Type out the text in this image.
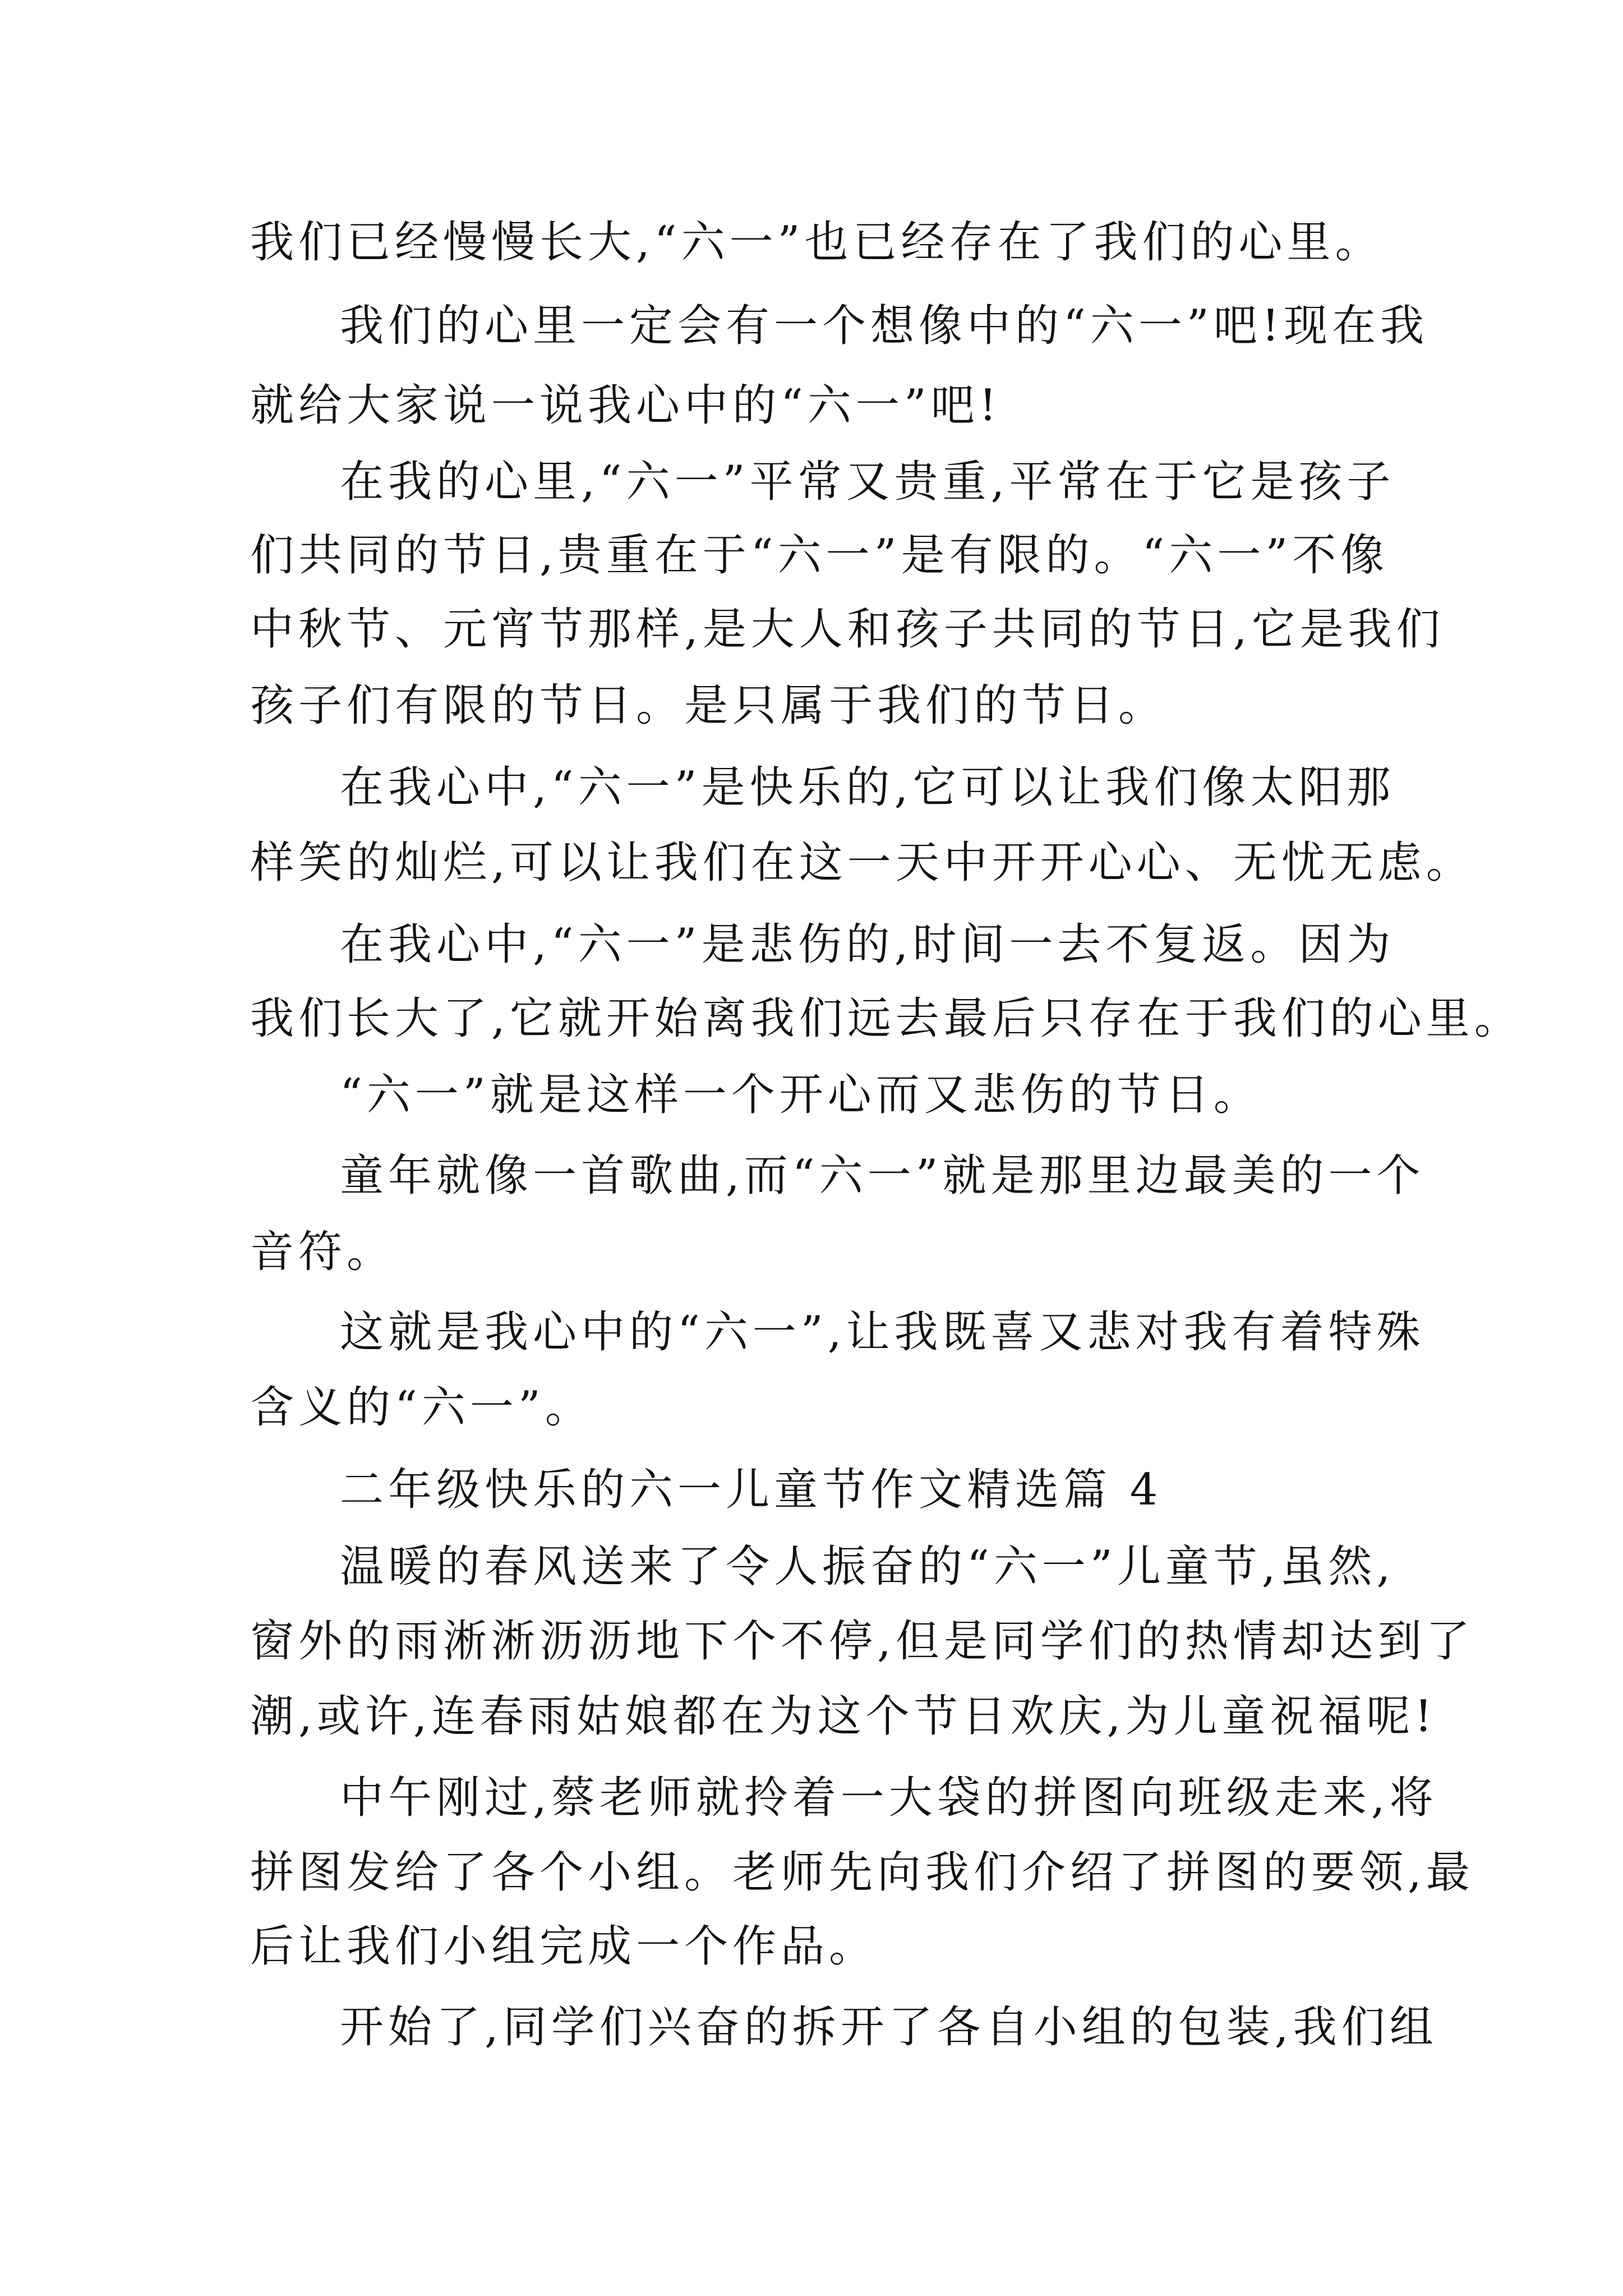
我们已经慢慢长大,“六一”也已经存在了我们的心里。
我们的心里一定会有一个想像中的“六一”吧!现在我
就给大家说一说我心中的“六一”吧!
在我的心里,“六一”平常又贵重,平常在于它是孩子
们共同的节日,贵重在于“六一”是有限的。“六一”不像
中秋节、元宵节那样,是大人和孩子共同的节日,它是我们
孩子们有限的节日。是只属于我们的节日。
在我心中,“六一”是快乐的,它可以让我们像太阳那
样笑的灿烂,可以让我们在这一天中开开心心、无忧无虑。
在我心中,“六一”是悲伤的,时间一去不复返。因为
我们长大了,它就开始离我们远去最后只存在于我们的心里。
“六一”就是这样一个开心而又悲伤的节日。
童年就像一首歌曲,而“六一”就是那里边最美的一个
音符。
这就是我心中的“六一”,让我既喜又悲对我有着特殊
含义的“六一”。
二年级快乐的六一儿童节作文精选篇 4
温暖的春风送来了令人振奋的“六一”儿童节,虽然,
窗外的雨淅淅沥沥地下个不停,但是同学们的热情却达到了
潮,或许,连春雨姑娘都在为这个节日欢庆,为儿童祝福呢!
中午刚过,蔡老师就拎着一大袋的拼图向班级走来,将
拼图发给了各个小组。老师先向我们介绍了拼图的要领,最
后让我们小组完成一个作品。
开始了,同学们兴奋的拆开了各自小组的包装,我们组
